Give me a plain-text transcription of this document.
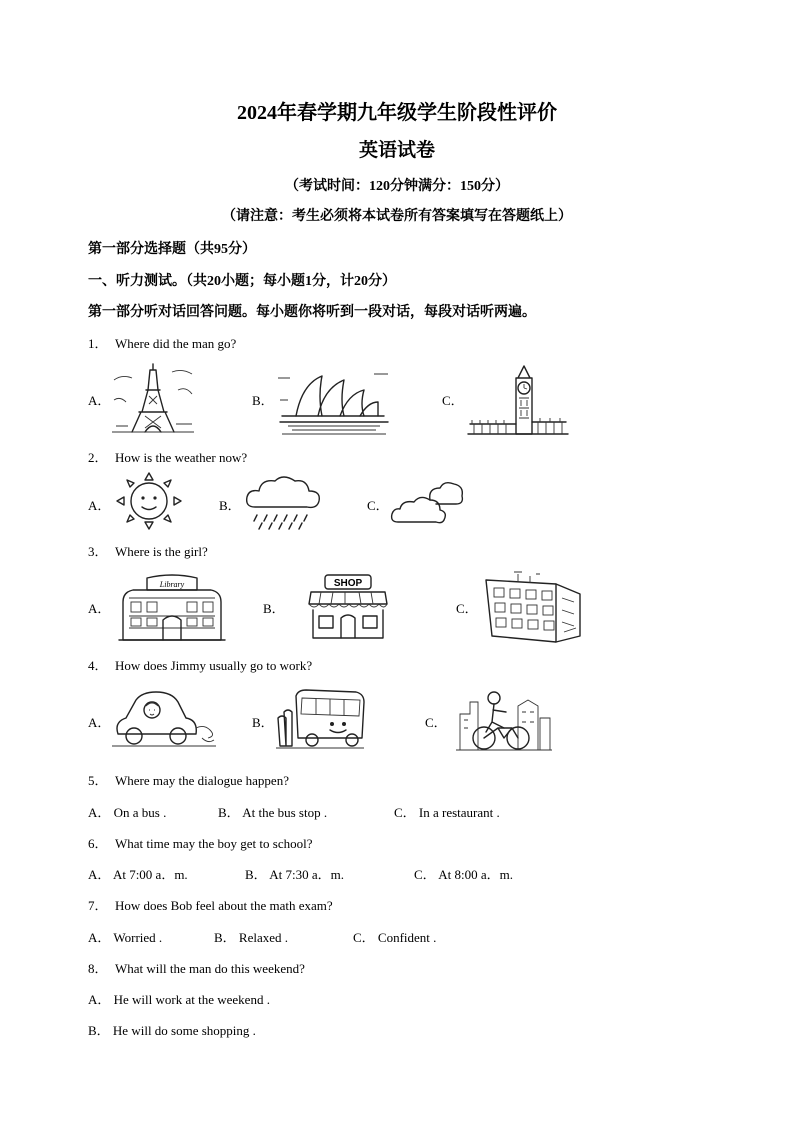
2024年春学期九年级学生阶段性评价
英语试卷
（考试时间：120分钟满分：150分）
（请注意：考生必须将本试卷所有答案填写在答题纸上）
第一部分选择题（共95分）
一、听力测试。（共20小题；每小题1分，计20分）
第一部分听对话回答问题。每小题你将听到一段对话，每段对话听两遍。
1． Where did the man go?
A．	B．	C．
2． How is the weather now?
A．	B．	C．
3． Where is the girl?
A．
Library
B．
SHOP
C．
4． How does Jimmy usually go to work?
A．	B．	C．
5． Where may the dialogue happen?
A． On a bus .	B． At the bus stop .	C． In a restaurant .
6． What time may the boy get to school?
A． At 7:00 a．m.	B． At 7:30 a．m.	C． At 8:00 a．m.
7． How does Bob feel about the math exam?
A． Worried .	B． Relaxed .	C． Confident .
8． What will the man do this weekend?
A． He will work at the weekend .
B． He will do some shopping .
